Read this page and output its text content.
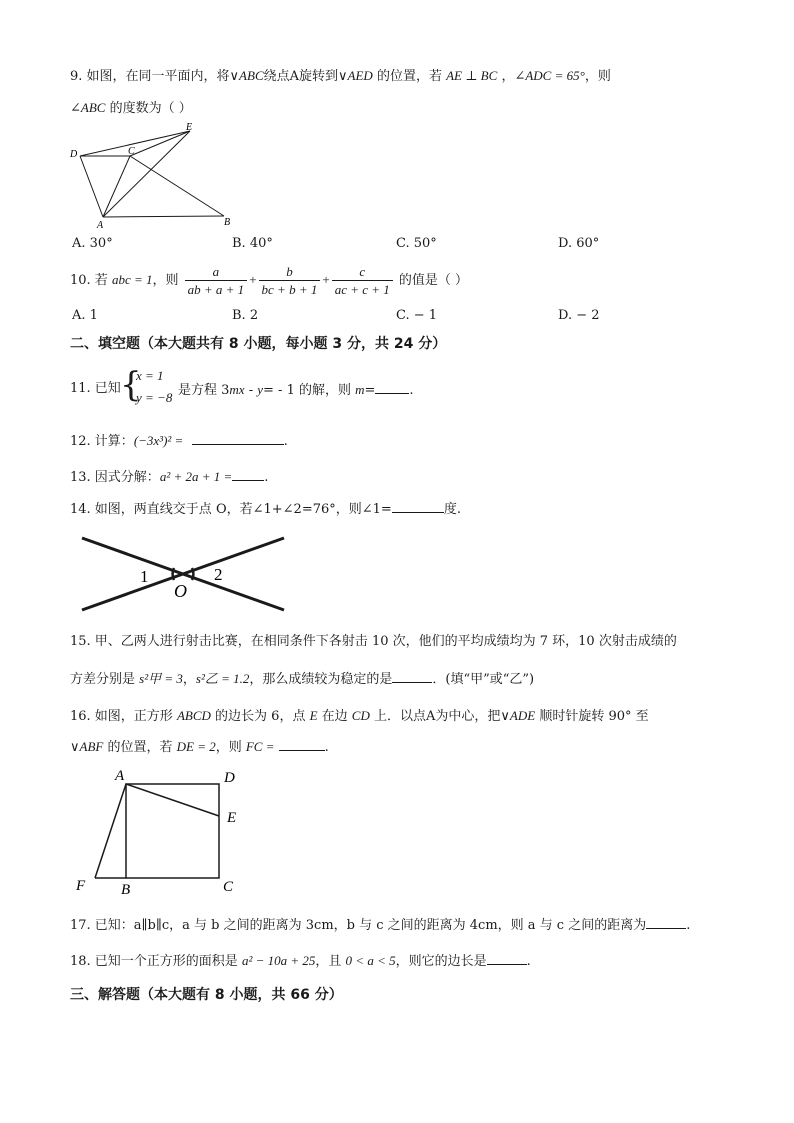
9. 如图，在同一平面内，将∨ABC绕点A旋转到∨AED 的位置，若 AE ⊥ BC ，∠ADC = 65°，则
∠ABC 的度数为（ ）
D	C
E
A	B
A. 30°	B. 40°	C. 50°	D. 60°
10. 若 abc = 1，则 $\frac{a}{ab + a + 1} + \frac{b}{bc + b + 1} + \frac{c}{ac + c + 1}$ 的值是（ ）
A. 1	B. 2	C. − 1	D. − 2
二、填空题（本大题共有 8 小题，每小题 3 分，共 24 分）
11. 已知 {
x = 1
y = −8 是方程 3mx - y= - 1 的解，则 m=	.
12. 计算：(−3x³)² =	.
13. 因式分解：a² + 2a + 1 = .
14. 如图，两直线交于点 O，若∠1+∠2=76°，则∠1=	度.
1	2
O
15. 甲、乙两人进行射击比赛，在相同条件下各射击 10 次，他们的平均成绩均为 7 环，10 次射击成绩的
方差分别是 s²甲 = 3，s²乙 = 1.2，那么成绩较为稳定的是	．(填“甲”或“乙”)
16. 如图，正方形 ABCD 的边长为 6，点 E 在边 CD 上．以点A为中心，把∨ADE 顺时针旋转 90° 至
∨ABF 的位置，若 DE = 2，则 FC =	.
A	D
E
F B	C
17. 已知：a∥b∥c，a 与 b 之间的距离为 3cm，b 与 c 之间的距离为 4cm，则 a 与 c 之间的距离为	.
18. 已知一个正方形的面积是 a² − 10a + 25，且 0 < a < 5，则它的边长是	.
三、解答题（本大题有 8 小题，共 66 分）
